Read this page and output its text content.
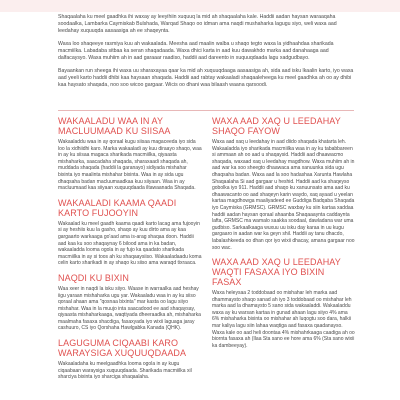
Shaqaalaha ku meel gaadhka ihi waxay ay leeyihiin xuquuq la mid ah shaqaalaha kale. Haddii aadan haysan waraaqaha soodaalka, Lambarka Caymiskab Bulshada, Warqad Shaqo oo idman ama naqdi mushaharka lagugu siyo, weli waxa aad leedahay xuquuqda aasaasiga ah ee shaqeynta.

Waxa loo shaqeeye rasmiya kuu ah wakaalada. Meesha aad maalin walba u shaqo tegto waxa la yidhaahdaa sharikada macmiilka. Labadaba sitbaa ka seran shaqadaada. Waxa dhici karta in aad kuu dawakhdo marka aad danahaaga aad dalfacaysyo. Waxa muhiim ah in aad garaaar raadiso, haddii aad dareento in xuquuqdaada lagu xadgudbayo.

Bayaankan run sheega ihi waxa uu sharaxayaa qaar ka mid ah xuquuqdaaga aasaasiga ah, sida aad isku lkaalin karto, iyo waxa aad yeeli karto haddii dhibi kaa haysaan shaqada. Haddii aad rabtay wakaaladi shaqaaleheega ku meel gaadhka ah oo ay dhibi kaa haysato shaqada, noo soo wicoo gargaar. Wicis oo dhani waa bilaash waana qarsoodi.

WAKAALADU WAA IN AY MACLUUMAAD KU SIISAA

Wakaaladdu waa in ay qoraal kugu siisaa magaceeda iyo sida loo la xidhiidhi karo. Marka wakaaladi ay kuu diraayo shaqo, waa in ay ku siisaa magaca sharikada macmiilka, qiyaasta mishaharka, saacadaha shaqada, sharaxaadi shaqada ah, muddada shaqada (haddii la garanayo) sidiyada mishahar bixinta iyo maalinta mishahar bixinta. Waa in ay sida ugu dhaqsaha badan macluumaadkaa kuu siiyaan. Waa in ay macluumaad kaa siiyaan xuquuqdaada iltawaanada Shaqada.

WAKAALADI KAAMA QAADI KARTO FUJOOYIN

Wakaalad ku meel gaadh kaama qaadi karto lacag ama fujooyin si ay heshiis kuu la gasho, shaqo ay kuu dirto ama ay kaa gargaarto warkaaga go'aad ama is-arag shaqaa doon. Haddii aad kaa ku soo shaqaynay 6 bilood ama in ka badan, wakaaladda looma ogola in ay fujo ka qaadato sharikada macmiilka in ay si toos ah ku shaqaaysiiso. Wakaaladaadu koma celin karto sharikadi in ay shaqo ku siiso ama waraqd tixraaca.

NAQDI KU BIXIN

Waa xeer in naqdi la isku siiyo. Waase in warraalka aad heshay iigu yaraan mishaharka ugu yar. Wakaaladu waa in ay ku siiso qoraal ahaan ama "qosnaa bixinta" mar kasta oo lagu siiyo mishahar. Waa in la muujo inta saacadood ee aad shaqaysay, qiyaasta mishaharkaaga, waqtiyada dheeraadka ah, mishaharka maalmaha fasaxa shacdiga, fasaxyada iyo wixii laguaga jaray cashuuro, CS iyo Qorshaha Hawlgabka Kanada (QHK).

LAGUGUMA CIQAABI KARO WARAYSIGA XUQUUQDAADA

Wakaaladaha ku meelgaadhka looma ogola in ay kugu ciqaabaan waraysiga xuquuqdaada. Sharikada macmiilka xil sharciya bixinta iyo sharciga shaqaalaha.

WAXA AAD XAQ U LEEDAHAY SHAQO FAYOW

Waxa aad xaq u leedahay in aad diido shaqada khatarta leh. Wakaaladda iyo sharikada macmiilka waa in ay ku tababbareen si ammaan ah oo aad u shaqaysid. Haddii aad dhaawacmo shaqada, waxaad xaq u leedahay magdhow. Waxa muhiim ah in aad war ka soo sheegto dhaawaca ama xanuunka sida ugu dhaqsaha badan. Waxa aad la soo hadashaa Xarunta Hawlaha Shaqaalaha Si aad gargaar u heshid. Haddii aad ka shaqeyso gobolka iyo 911. Haddii aad shaqo ku xanuunsato ama aad ku dhaawacanto oo aad shaqeyn karin waydo, xaq ayaad u yeelan kartaa magdhowga maaliyadeed ee Guddiga Badqaba Shaqada iyo Caymiska (GRMSC). GRMSC waxbay ku siin kartaa xaddaa haddii aadan haysan qoraal ahaanba Shaqaaaynta caddaynta lafta, GRMSC ma wamalo saakka soodaal, dawladana war uma gudbiso. Sarkaalkaaga wuxuu uu isku day karaa in uu kugu gargaaro in aadan war ka geyn shil. Haddii ay tanu dhacdo, labalashkeeda oo dhan qor iyo wixii dhacay, amana gargaar noo soo wac.

WAXA AAD XAQ U LEEDAHAY WAQTI FASAXA IYO BIXIN FASAX

Waxa heleysaa 2 toddobaad oo mishahar leh marka aad dhammaysto shaqo sanad ah iyo 3 toddobaad oo mishahar leh marka aad la dhamaysto 5 sano sida wakaaladdi. Wakaaladdu waxa ay ku warsan kartaa in gunad ahaan lagu siiyo 4% ama 6% mishaharka bixinta oo mishahar ah luqogtu soo dara, halkii mar kaliya lagu siin lahaa waqtiga aad fasaxa qaadanayso. Waxa kale oo aad heli doontaa 4% mishahrkaaga caadiga ah oo biornta fasaxa ah (Ilaa Sta sano ee hore ama 6% (Sta sano wixii ka dambeeyay).
